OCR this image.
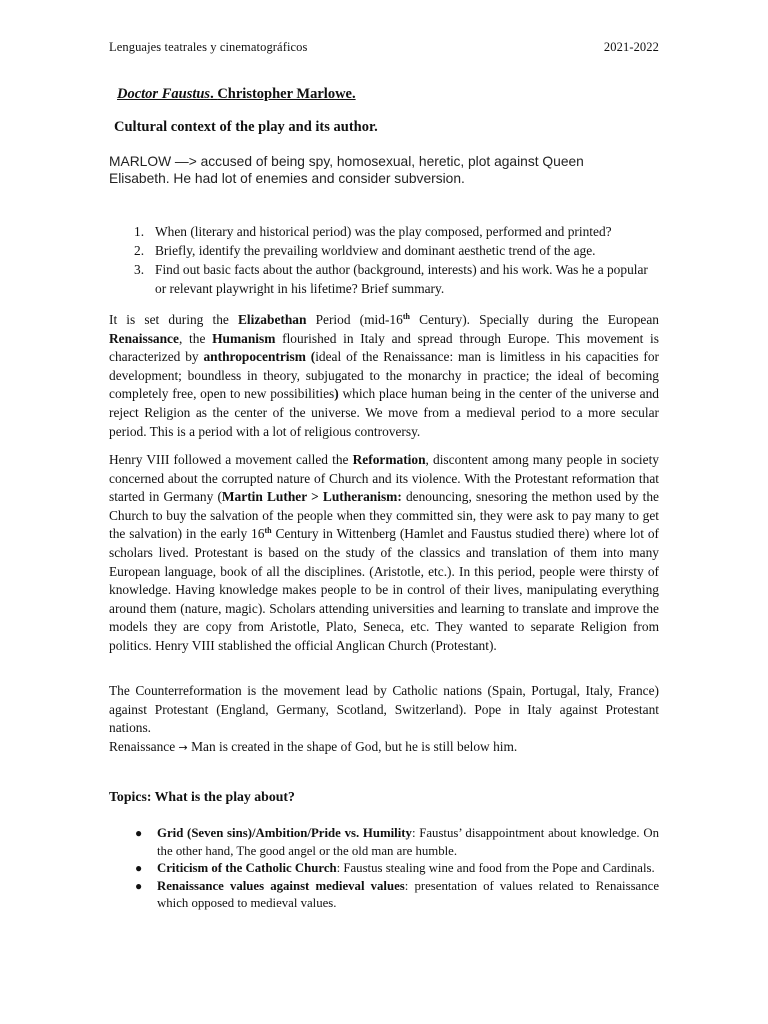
Lenguajes teatrales y cinematográficos	2021-2022
Doctor Faustus. Christopher Marlowe.
Cultural context of the play and its author.
MARLOW —> accused of being spy, homosexual, heretic, plot against Queen Elisabeth. He had lot of enemies and consider subversion.
1. When (literary and historical period) was the play composed, performed and printed?
2. Briefly, identify the prevailing worldview and dominant aesthetic trend of the age.
3. Find out basic facts about the author (background, interests) and his work. Was he a popular or relevant playwright in his lifetime? Brief summary.
It is set during the Elizabethan Period (mid-16th Century). Specially during the European Renaissance, the Humanism flourished in Italy and spread through Europe. This movement is characterized by anthropocentrism (ideal of the Renaissance: man is limitless in his capacities for development; boundless in theory, subjugated to the monarchy in practice; the ideal of becoming completely free, open to new possibilities) which place human being in the center of the universe and reject Religion as the center of the universe. We move from a medieval period to a more secular period. This is a period with a lot of religious controversy.
Henry VIII followed a movement called the Reformation, discontent among many people in society concerned about the corrupted nature of Church and its violence. With the Protestant reformation that started in Germany (Martin Luther > Lutheranism: denouncing, snesoring the methon used by the Church to buy the salvation of the people when they committed sin, they were ask to pay many to get the salvation) in the early 16th Century in Wittenberg (Hamlet and Faustus studied there) where lot of scholars lived. Protestant is based on the study of the classics and translation of them into many European language, book of all the disciplines. (Aristotle, etc.). In this period, people were thirsty of knowledge. Having knowledge makes people to be in control of their lives, manipulating everything around them (nature, magic). Scholars attending universities and learning to translate and improve the models they are copy from Aristotle, Plato, Seneca, etc. They wanted to separate Religion from politics. Henry VIII stablished the official Anglican Church (Protestant).
The Counterreformation is the movement lead by Catholic nations (Spain, Portugal, Italy, France) against Protestant (England, Germany, Scotland, Switzerland). Pope in Italy against Protestant nations.
Renaissance → Man is created in the shape of God, but he is still below him.
Topics: What is the play about?
● Grid (Seven sins)/Ambition/Pride vs. Humility: Faustus’ disappointment about knowledge. On the other hand, The good angel or the old man are humble.
● Criticism of the Catholic Church: Faustus stealing wine and food from the Pope and Cardinals.
● Renaissance values against medieval values: presentation of values related to Renaissance which opposed to medieval values.
